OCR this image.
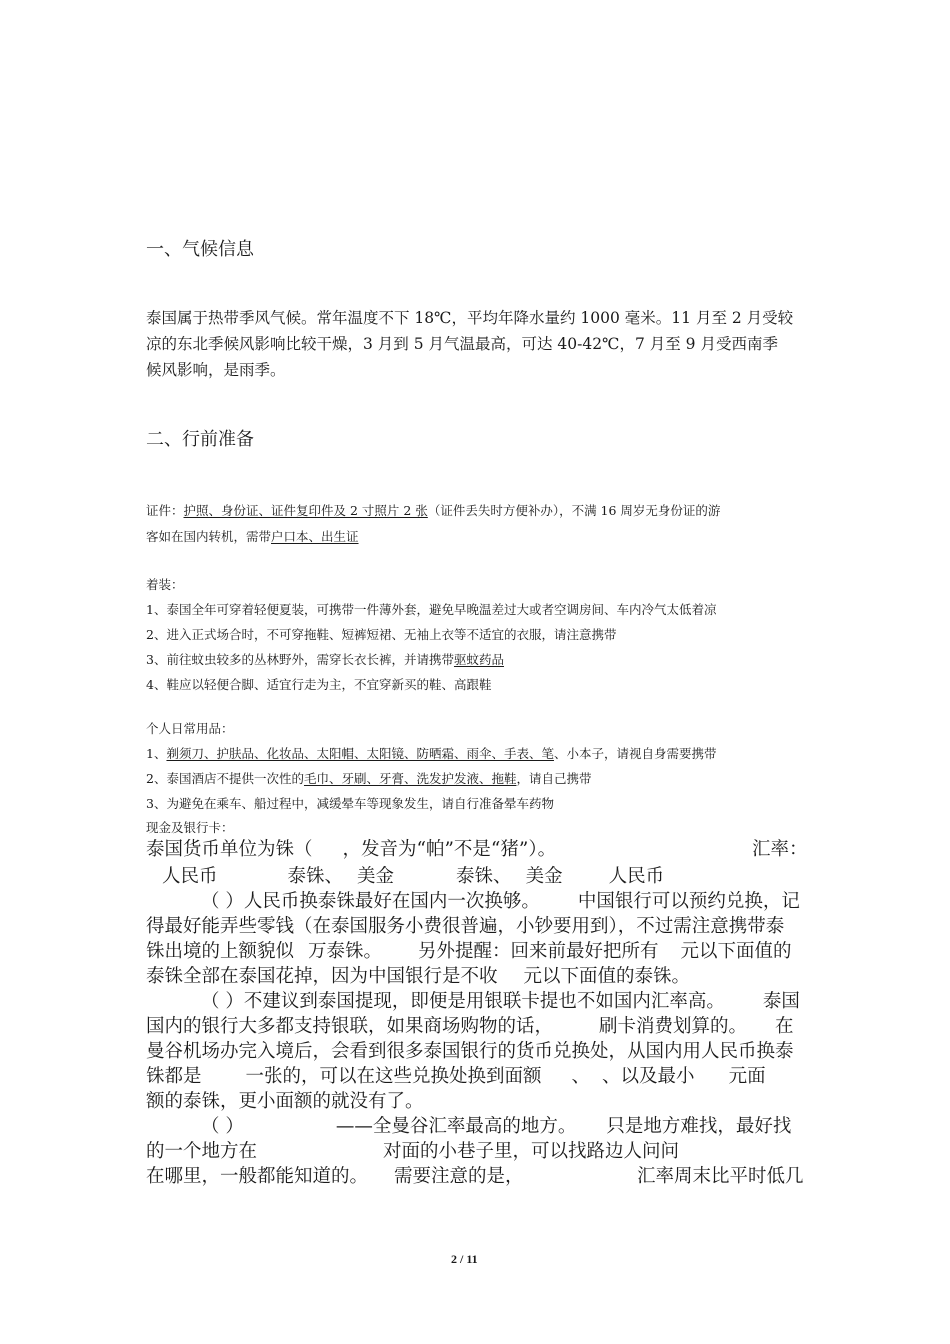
一、气候信息
泰国属于热带季风气候。常年温度不下 18℃，平均年降水量约 1000 毫米。11 月至 2 月受较
凉的东北季候风影响比较干燥，3 月到 5 月气温最高，可达 40-42℃，7 月至 9 月受西南季
候风影响，是雨季。
二、行前准备
证件：护照、身份证、证件复印件及 2 寸照片 2 张（证件丢失时方便补办），不满 16 周岁无身份证的游
客如在国内转机，需带户口本、出生证
着装：
1、泰国全年可穿着轻便夏装，可携带一件薄外套，避免早晚温差过大或者空调房间、车内冷气太低着凉
2、进入正式场合时，不可穿拖鞋、短裤短裙、无袖上衣等不适宜的衣服，请注意携带
3、前往蚊虫较多的丛林野外，需穿长衣长裤，并请携带驱蚊药品
4、鞋应以轻便合脚、适宜行走为主，不宜穿新买的鞋、高跟鞋
个人日常用品：
1、剃须刀、护肤品、化妆品、太阳帽、太阳镜、防晒霜、雨伞、手表、笔、小本子，请视自身需要携带
2、泰国酒店不提供一次性的毛巾、牙刷、牙膏、洗发护发液、拖鞋，请自己携带
3、为避免在乘车、船过程中，减缓晕车等现象发生，请自行准备晕车药物
现金及银行卡：
泰国货币单位为铢（ ，发音为“帕”不是“猪”）。	汇率：
人民币	泰铢、 美金	泰铢、 美金 人民币
（ ）人民币换泰铢最好在国内一次换够。 中国银行可以预约兑换，记
得最好能弄些零钱（在泰国服务小费很普遍，小钞要用到），不过需注意携带泰
铢出境的上额貌似 万泰铢。 另外提醒：回来前最好把所有 元以下面值的
泰铢全部在泰国花掉，因为中国银行是不收 元以下面值的泰铢。
（ ）不建议到泰国提现，即便是用银联卡提也不如国内汇率高。 泰国
国内的银行大多都支持银联，如果商场购物的话， 刷卡消费划算的。 在
曼谷机场办完入境后，会看到很多泰国银行的货币兑换处，从国内用人民币换泰
铢都是 一张的，可以在这些兑换处换到面额 、 、以及最小 元面
额的泰铢，更小面额的就没有了。
（ ）	——全曼谷汇率最高的地方。 只是地方难找，最好找
的一个地方在	对面的小巷子里，可以找路边人问问
在哪里，一般都能知道的。 需要注意的是，	汇率周末比平时低几
2 / 11
